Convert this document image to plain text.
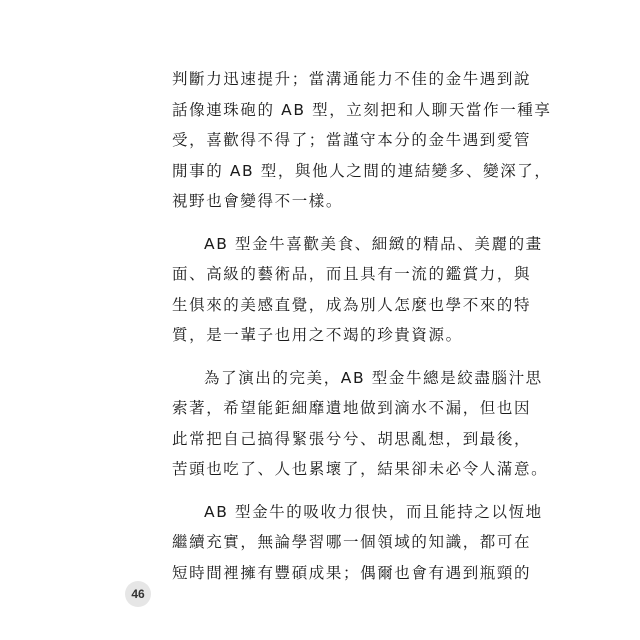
判斷力迅速提升；當溝通能力不佳的金牛遇到說
話像連珠砲的 AB 型，立刻把和人聊天當作一種享
受，喜歡得不得了；當謹守本分的金牛遇到愛管
閒事的 AB 型，與他人之間的連結變多、變深了，
視野也會變得不一樣。
AB 型金牛喜歡美食、細緻的精品、美麗的畫
面、高級的藝術品，而且具有一流的鑑賞力，與
生俱來的美感直覺，成為別人怎麼也學不來的特
質，是一輩子也用之不竭的珍貴資源。
為了演出的完美，AB 型金牛總是絞盡腦汁思
索著，希望能鉅細靡遺地做到滴水不漏，但也因
此常把自己搞得緊張兮兮、胡思亂想，到最後，
苦頭也吃了、人也累壞了，結果卻未必令人滿意。
AB 型金牛的吸收力很快，而且能持之以恆地
繼續充實，無論學習哪一個領域的知識，都可在
短時間裡擁有豐碩成果；偶爾也會有遇到瓶頸的
46
